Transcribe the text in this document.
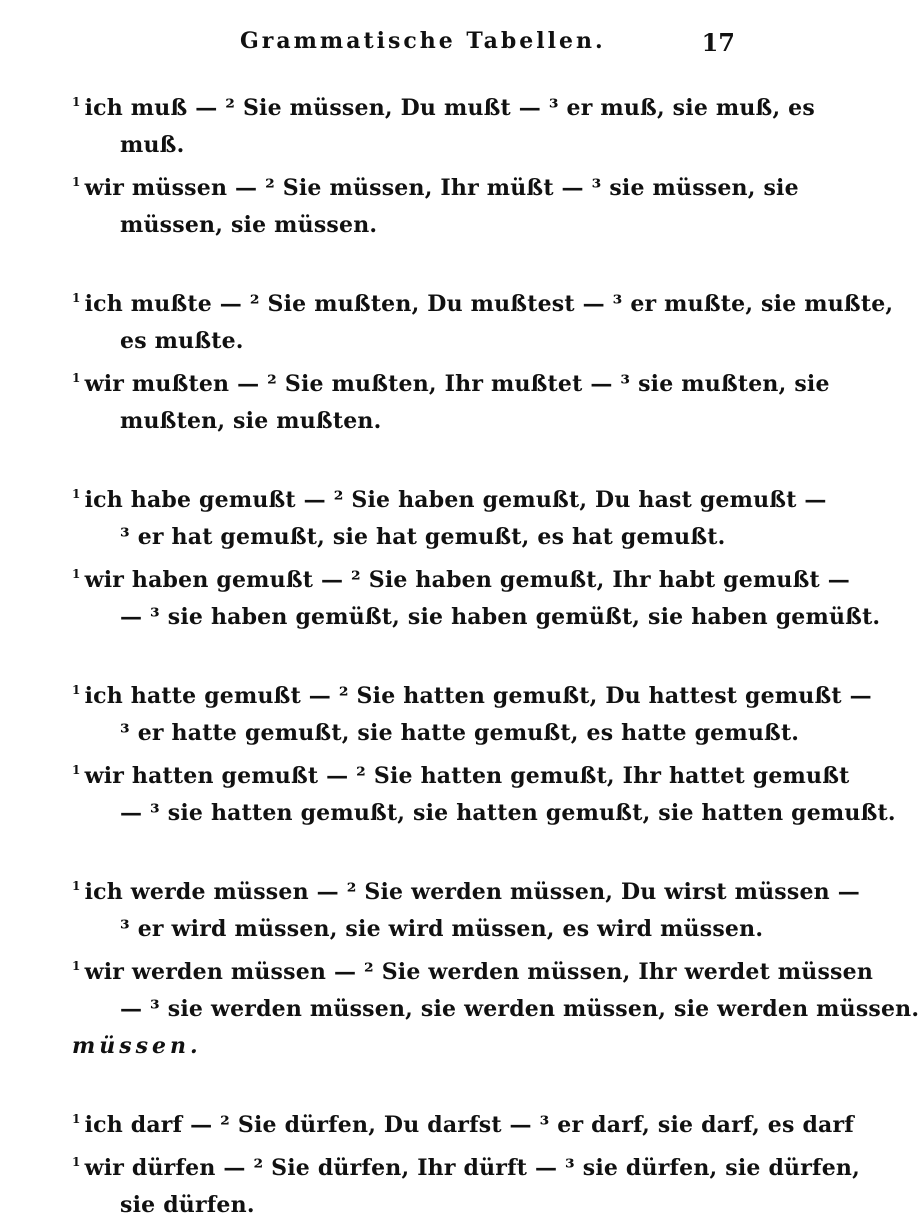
Grammatische Tabellen.	17
$^1$ ich muß — ² Sie müssen, Du mußt — ³ er muß, sie muß, es
muß.
$^1$ wir müssen — ² Sie müssen, Ihr müßt — ³ sie müssen, sie
müssen, sie müssen.
$^1$ ich mußte — ² Sie mußten, Du mußtest — ³ er mußte, sie mußte,
es mußte.
$^1$ wir mußten — ² Sie mußten, Ihr mußtet — ³ sie mußten, sie
mußten, sie mußten.
$^1$ ich habe gemußt — ² Sie haben gemußt, Du hast gemußt —
³ er hat gemußt, sie hat gemußt, es hat gemußt.
$^1$ wir haben gemußt — ² Sie haben gemußt, Ihr habt gemußt —
— ³ sie haben gemüßt, sie haben gemüßt, sie haben gemüßt.
$^1$ ich hatte gemußt — ² Sie hatten gemußt, Du hattest gemußt —
³ er hatte gemußt, sie hatte gemußt, es hatte gemußt.
$^1$ wir hatten gemußt — ² Sie hatten gemußt, Ihr hattet gemußt
— ³ sie hatten gemußt, sie hatten gemußt, sie hatten gemußt.
$^1$ ich werde müssen — ² Sie werden müssen, Du wirst müssen —
³ er wird müssen, sie wird müssen, es wird müssen.
$^1$ wir werden müssen — ² Sie werden müssen, Ihr werdet müssen
— ³ sie werden müssen, sie werden müssen, sie werden müssen.
müssen.
$^1$ ich darf — ² Sie dürfen, Du darfst — ³ er darf, sie darf, es darf
$^1$ wir dürfen — ² Sie dürfen, Ihr dürft — ³ sie dürfen, sie dürfen,
sie dürfen.
